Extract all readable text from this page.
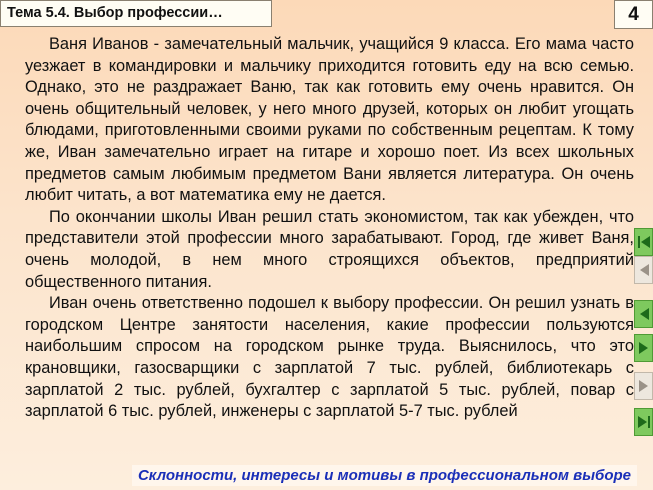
Тема 5.4. Выбор профессии…	4

Ваня Иванов - замечательный мальчик, учащийся 9 класса. Его мама часто уезжает в командировки и мальчику приходится готовить еду на всю семью. Однако, это не раздражает Ваню, так как готовить ему очень нравится. Он очень общительный человек, у него много друзей, которых он любит угощать блюдами, приготовленными своими руками по собственным рецептам. К тому же, Иван замечательно играет на гитаре и хорошо поет. Из всех школьных предметов самым любимым предметом Вани является литература. Он очень любит читать, а вот математика ему не дается.

По окончании школы Иван решил стать экономистом, так как убежден, что представители этой профессии много зарабатывают. Город, где живет Ваня, очень молодой, в нем много строящихся объектов, предприятий общественного питания.

Иван очень ответственно подошел к выбору профессии. Он решил узнать в городском Центре занятости населения, какие профессии пользуются наибольшим спросом на городском рынке труда. Выяснилось, что это крановщики, газосварщики с зарплатой 7 тыс. рублей, библиотекарь с зарплатой 2 тыс. рублей, бухгалтер с зарплатой 5 тыс. рублей, повар с зарплатой 6 тыс. рублей, инженеры с зарплатой 5-7 тыс. рублей

Склонности, интересы и мотивы в профессиональном выборе
